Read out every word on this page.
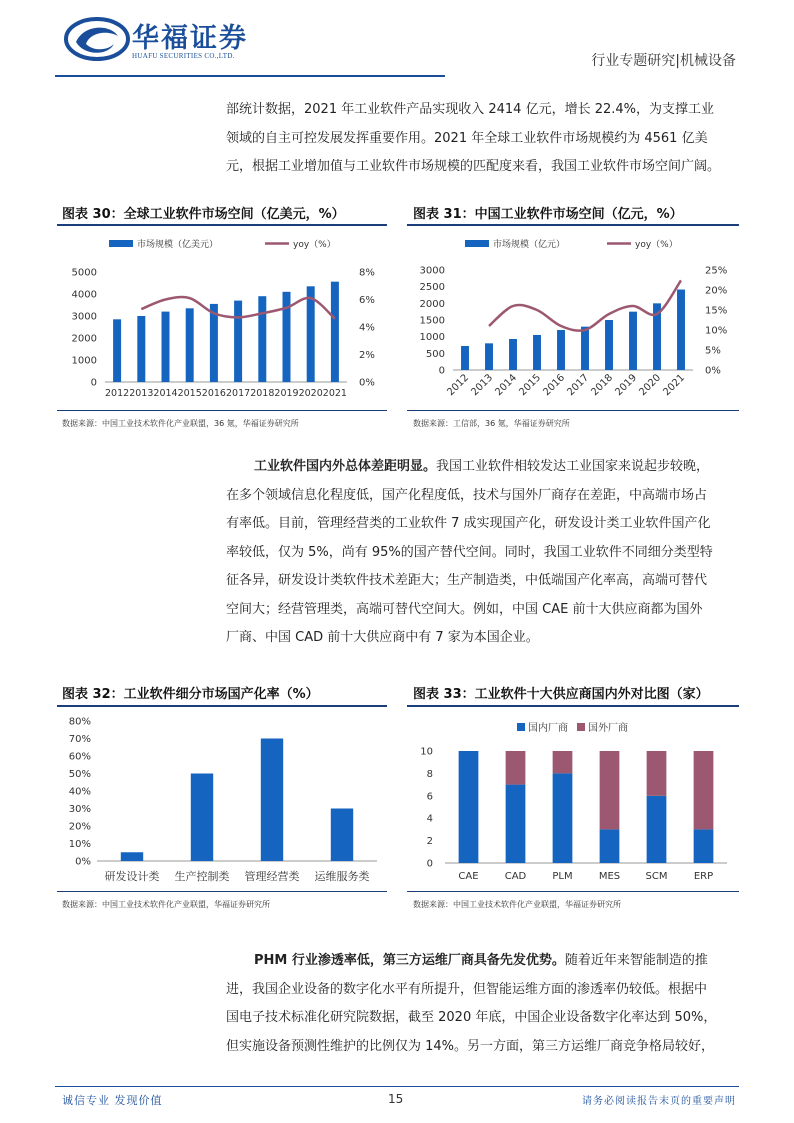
华福证券
HUAFU SECURITIES CO.,LTD.	行业专题研究|机械设备
部统计数据，2021 年工业软件产品实现收入 2414 亿元，增长 22.4%，为支撑工业
领域的自主可控发展发挥重要作用。2021 年全球工业软件市场规模约为 4561 亿美
元，根据工业增加值与工业软件市场规模的匹配度来看，我国工业软件市场空间广阔。
图表 30：全球工业软件市场空间（亿美元，%）
市场规模（亿美元）	yoy（%）
0
1000
2000
3000
4000
5000
0%
2%
4%
6%
8%
2012 2013 2014 2015 2016 2017 2018 2019 2020 2021
数据来源：中国工业技术软件化产业联盟，36 氪，华福证券研究所
图表 31：中国工业软件市场空间（亿元，%）
市场规模（亿元）	yoy（%）
0
500
1000
1500
2000
2500
3000
0%
5%
10%
15%
20%
25%
2012
2013
2014
2015
2016
2017
2018
2019
2020
2021
数据来源：工信部，36 氪，华福证券研究所
工业软件国内外总体差距明显。我国工业软件相较发达工业国家来说起步较晚，
在多个领域信息化程度低，国产化程度低，技术与国外厂商存在差距，中高端市场占
有率低。目前，管理经营类的工业软件 7 成实现国产化，研发设计类工业软件国产化
率较低，仅为 5%，尚有 95%的国产替代空间。同时，我国工业软件不同细分类型特
征各异，研发设计类软件技术差距大；生产制造类，中低端国产化率高，高端可替代
空间大；经营管理类，高端可替代空间大。例如，中国 CAE 前十大供应商都为国外
厂商、中国 CAD 前十大供应商中有 7 家为本国企业。
图表 32：工业软件细分市场国产化率（%）
0%
10%
20%
30%
40%
50%
60%
70%
80%
研发设计类 生产控制类 管理经营类 运维服务类
数据来源：中国工业技术软件化产业联盟，华福证券研究所
图表 33：工业软件十大供应商国内外对比图（家）
国内厂商 国外厂商
0
2
4
6
8
10
CAE	CAD	PLM	MES	SCM	ERP
数据来源：中国工业技术软件化产业联盟，华福证券研究所
PHM 行业渗透率低，第三方运维厂商具备先发优势。随着近年来智能制造的推
进，我国企业设备的数字化水平有所提升，但智能运维方面的渗透率仍较低。根据中
国电子技术标准化研究院数据，截至 2020 年底，中国企业设备数字化率达到 50%，
但实施设备预测性维护的比例仅为 14%。另一方面，第三方运维厂商竞争格局较好，
诚信专业 发现价值	15	请务必阅读报告末页的重要声明
